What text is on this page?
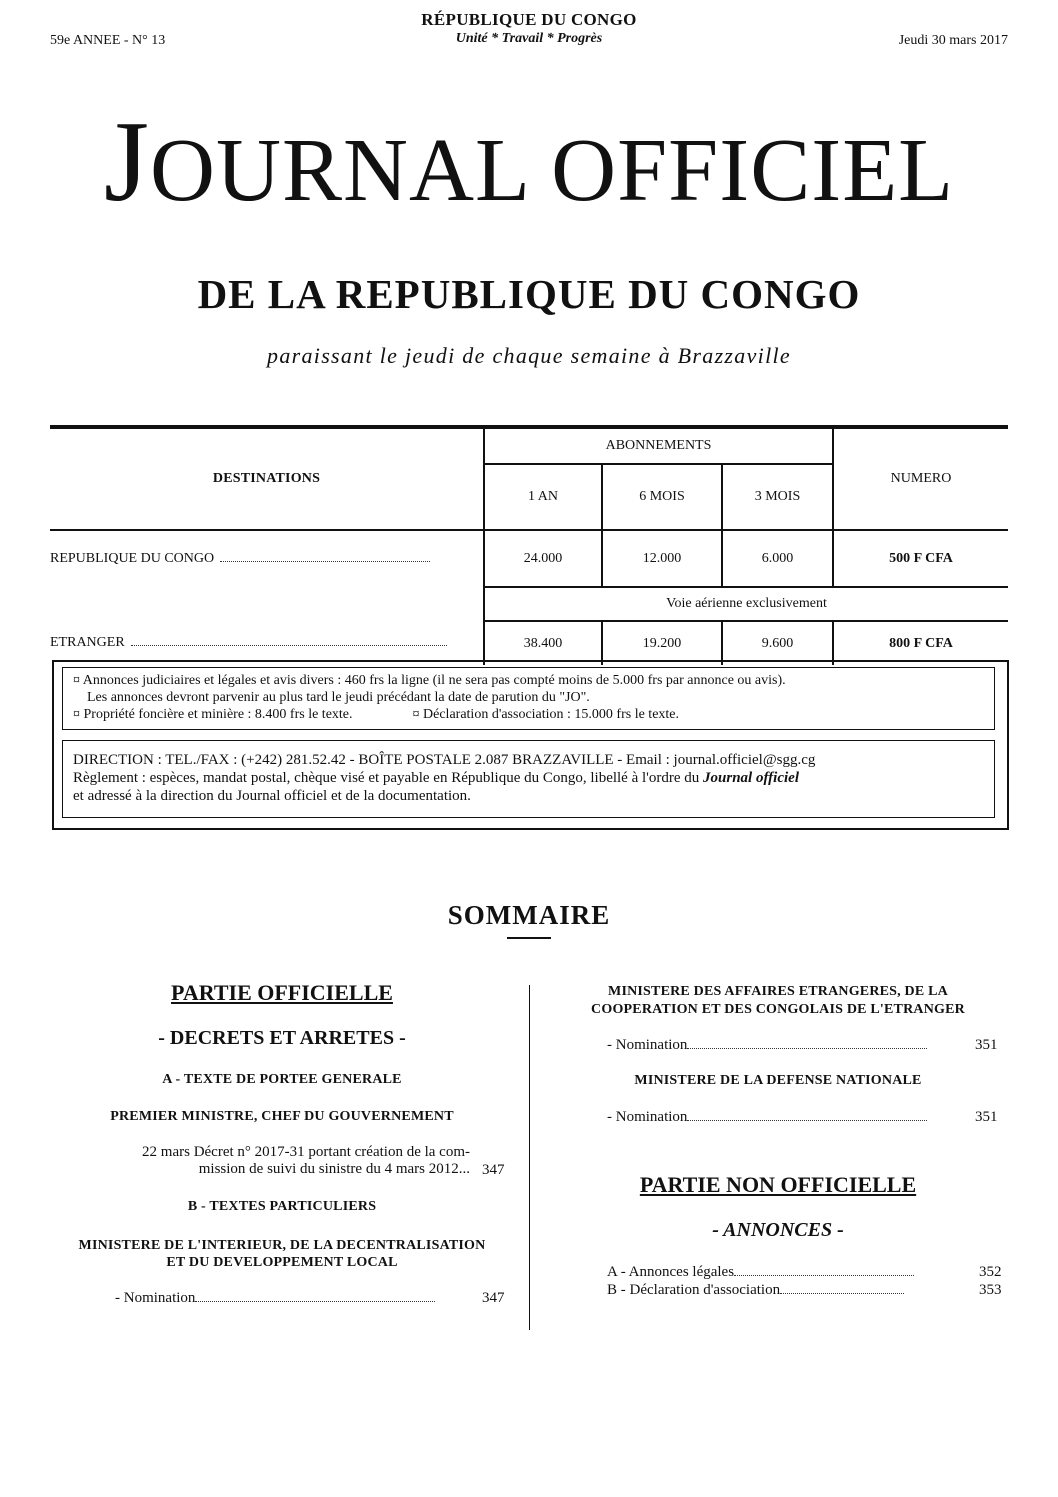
59e ANNEE - N° 13
RÉPUBLIQUE DU CONGO
Unité * Travail * Progrès	Jeudi 30 mars 2017
JOURNAL OFFICIEL
DE LA REPUBLIQUE DU CONGO
paraissant le jeudi de chaque semaine à Brazzaville
DESTINATIONS	ABONNEMENTS			NUMERO
	1 AN	6 MOIS	3 MOIS	
REPUBLIQUE DU CONGO	24.000	12.000	6.000	500 F CFA
	Voie aérienne exclusivement			
ETRANGER	38.400	19.200	9.600	800 F CFA
¤ Annonces judiciaires et légales et avis divers : 460 frs la ligne (il ne sera pas compté moins de 5.000 frs par annonce ou avis).
Les annonces devront parvenir au plus tard le jeudi précédant la date de parution du "JO".
¤ Propriété foncière et minière : 8.400 frs le texte.	¤ Déclaration d'association : 15.000 frs le texte.
DIRECTION : TEL./FAX : (+242) 281.52.42 - BOÎTE POSTALE 2.087 BRAZZAVILLE - Email : journal.officiel@sgg.cg
Règlement : espèces, mandat postal, chèque visé et payable en République du Congo, libellé à l'ordre du Journal officiel
et adressé à la direction du Journal officiel et de la documentation.
SOMMAIRE
PARTIE OFFICIELLE
- DECRETS ET ARRETES -
A - TEXTE DE PORTEE GENERALE
PREMIER MINISTRE, CHEF DU GOUVERNEMENT
22 mars Décret n° 2017-31 portant création de la com-
mission de suivi du sinistre du 4 mars 2012... 347
B - TEXTES PARTICULIERS
MINISTERE DE L'INTERIEUR, DE LA DECENTRALISATION
ET DU DEVELOPPEMENT LOCAL
- Nomination	347
MINISTERE DES AFFAIRES ETRANGERES, DE LA
COOPERATION ET DES CONGOLAIS DE L'ETRANGER
- Nomination	351
MINISTERE DE LA DEFENSE NATIONALE
- Nomination	351
PARTIE NON OFFICIELLE
- ANNONCES -
A - Annonces légales	352
B - Déclaration d'association	353
